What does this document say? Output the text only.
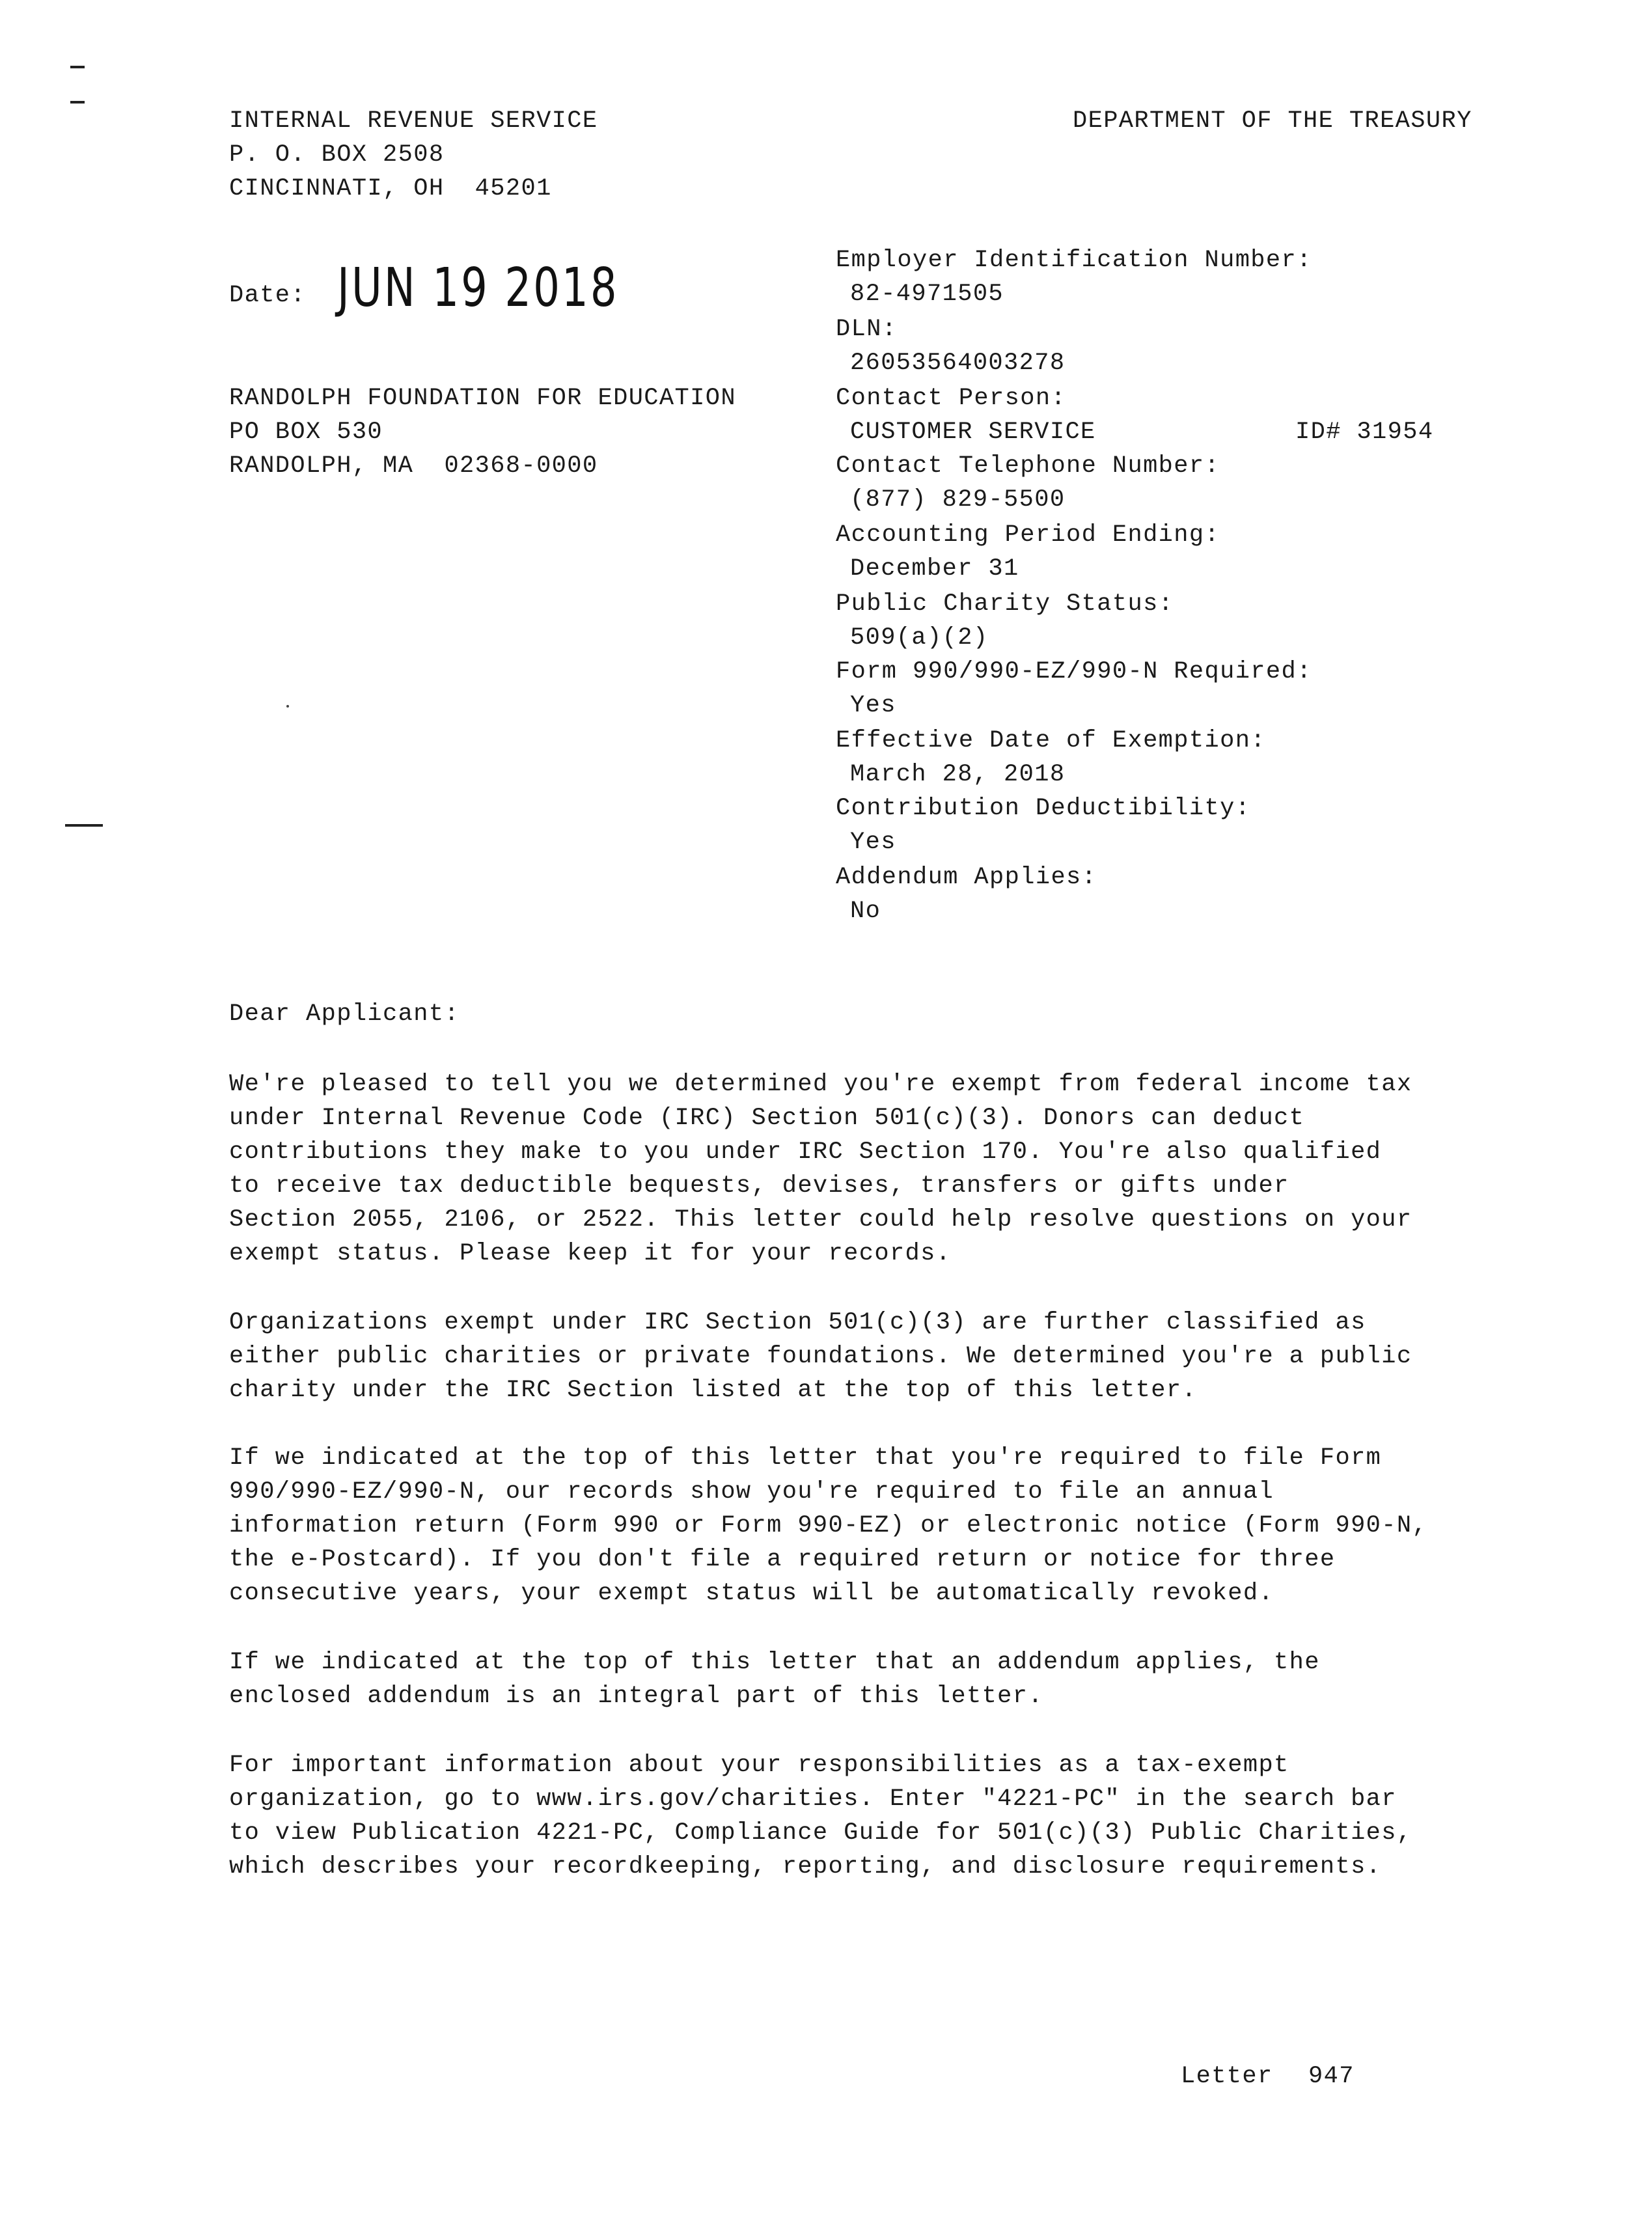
INTERNAL REVENUE SERVICE
P. O. BOX 2508
CINCINNATI, OH  45201
DEPARTMENT OF THE TREASURY
Date: JUN 19 2018
RANDOLPH FOUNDATION FOR EDUCATION
PO BOX 530
RANDOLPH, MA  02368-0000
Employer Identification Number:
82-4971505
DLN:
26053564003278
Contact Person:
CUSTOMER SERVICE	ID# 31954
Contact Telephone Number:
(877) 829-5500
Accounting Period Ending:
December 31
Public Charity Status:
509(a)(2)
Form 990/990-EZ/990-N Required:
Yes
Effective Date of Exemption:
March 28, 2018
Contribution Deductibility:
Yes
Addendum Applies:
No
Dear Applicant:
We're pleased to tell you we determined you're exempt from federal income tax
under Internal Revenue Code (IRC) Section 501(c)(3). Donors can deduct
contributions they make to you under IRC Section 170. You're also qualified
to receive tax deductible bequests, devises, transfers or gifts under
Section 2055, 2106, or 2522. This letter could help resolve questions on your
exempt status. Please keep it for your records.
Organizations exempt under IRC Section 501(c)(3) are further classified as
either public charities or private foundations. We determined you're a public
charity under the IRC Section listed at the top of this letter.
If we indicated at the top of this letter that you're required to file Form
990/990-EZ/990-N, our records show you're required to file an annual
information return (Form 990 or Form 990-EZ) or electronic notice (Form 990-N,
the e-Postcard). If you don't file a required return or notice for three
consecutive years, your exempt status will be automatically revoked.
If we indicated at the top of this letter that an addendum applies, the
enclosed addendum is an integral part of this letter.
For important information about your responsibilities as a tax-exempt
organization, go to www.irs.gov/charities. Enter "4221-PC" in the search bar
to view Publication 4221-PC, Compliance Guide for 501(c)(3) Public Charities,
which describes your recordkeeping, reporting, and disclosure requirements.
Letter 947
